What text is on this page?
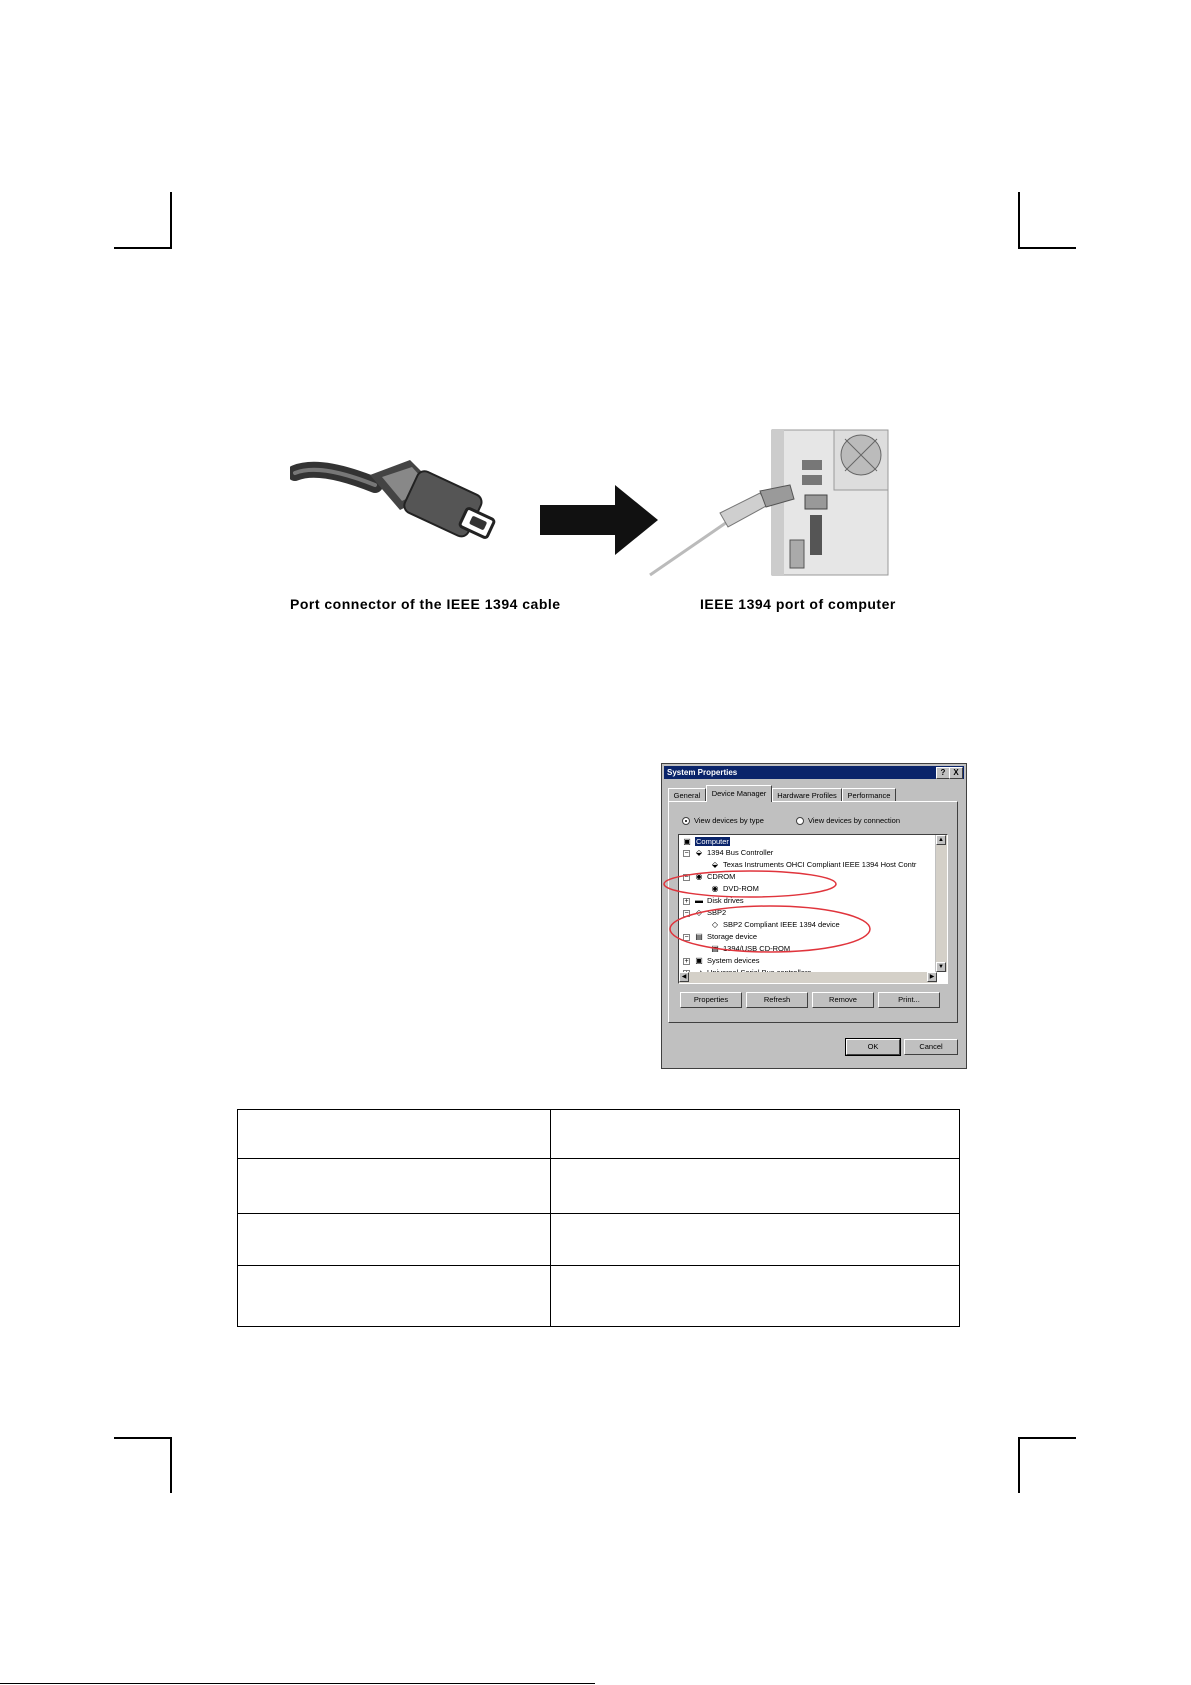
Port connector of the IEEE 1394 cable	IEEE 1394 port of computer
System Properties	? X
General	Device Manager	Hardware Profiles	Performance
View devices by type	View devices by connection
▣ Computer
− ⬙ 1394 Bus Controller
⬙ Texas Instruments OHCI Compliant IEEE 1394 Host Contr
− ◉ CDROM
◉ DVD-ROM
+ ▬ Disk drives
− ◇ SBP2
◇ SBP2 Compliant IEEE 1394 device
− ▤ Storage device
▤ 1394/USB CD-ROM
+ ▣ System devices
▲
▼
◀	▶
Properties	Refresh	Remove	Print...
OK	Cancel
